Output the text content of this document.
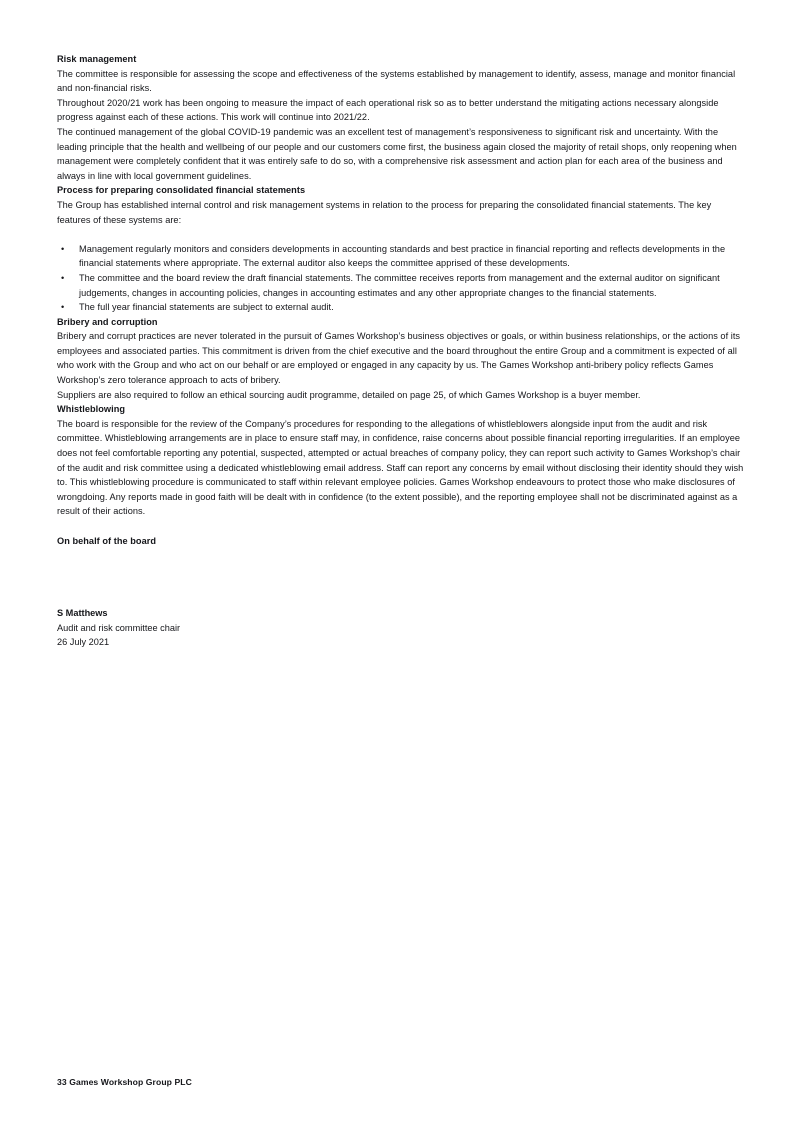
Risk management

The committee is responsible for assessing the scope and effectiveness of the systems established by management to identify, assess, manage and monitor financial and non-financial risks.

Throughout 2020/21 work has been ongoing to measure the impact of each operational risk so as to better understand the mitigating actions necessary alongside progress against each of these actions. This work will continue into 2021/22.

The continued management of the global COVID-19 pandemic was an excellent test of management’s responsiveness to significant risk and uncertainty. With the leading principle that the health and wellbeing of our people and our customers come first, the business again closed the majority of retail shops, only reopening when management were completely confident that it was entirely safe to do so, with a comprehensive risk assessment and action plan for each area of the business and always in line with local government guidelines.

Process for preparing consolidated financial statements

The Group has established internal control and risk management systems in relation to the process for preparing the consolidated financial statements. The key features of these systems are:

• Management regularly monitors and considers developments in accounting standards and best practice in financial reporting and reflects developments in the financial statements where appropriate. The external auditor also keeps the committee apprised of these developments.
• The committee and the board review the draft financial statements. The committee receives reports from management and the external auditor on significant judgements, changes in accounting policies, changes in accounting estimates and any other appropriate changes to the financial statements.
• The full year financial statements are subject to external audit.
Bribery and corruption

Bribery and corrupt practices are never tolerated in the pursuit of Games Workshop’s business objectives or goals, or within business relationships, or the actions of its employees and associated parties. This commitment is driven from the chief executive and the board throughout the entire Group and a commitment is expected of all who work with the Group and who act on our behalf or are employed or engaged in any capacity by us. The Games Workshop anti-bribery policy reflects Games Workshop’s zero tolerance approach to acts of bribery.

Suppliers are also required to follow an ethical sourcing audit programme, detailed on page 25, of which Games Workshop is a buyer member.

Whistleblowing

The board is responsible for the review of the Company’s procedures for responding to the allegations of whistleblowers alongside input from the audit and risk committee. Whistleblowing arrangements are in place to ensure staff may, in confidence, raise concerns about possible financial reporting irregularities. If an employee does not feel comfortable reporting any potential, suspected, attempted or actual breaches of company policy, they can report such activity to Games Workshop’s chair of the audit and risk committee using a dedicated whistleblowing email address. Staff can report any concerns by email without disclosing their identity should they wish to. This whistleblowing procedure is communicated to staff within relevant employee policies. Games Workshop endeavours to protect those who make disclosures of wrongdoing. Any reports made in good faith will be dealt with in confidence (to the extent possible), and the reporting employee shall not be discriminated against as a result of their actions.

On behalf of the board
S Matthews
Audit and risk committee chair
26 July 2021
33 Games Workshop Group PLC
